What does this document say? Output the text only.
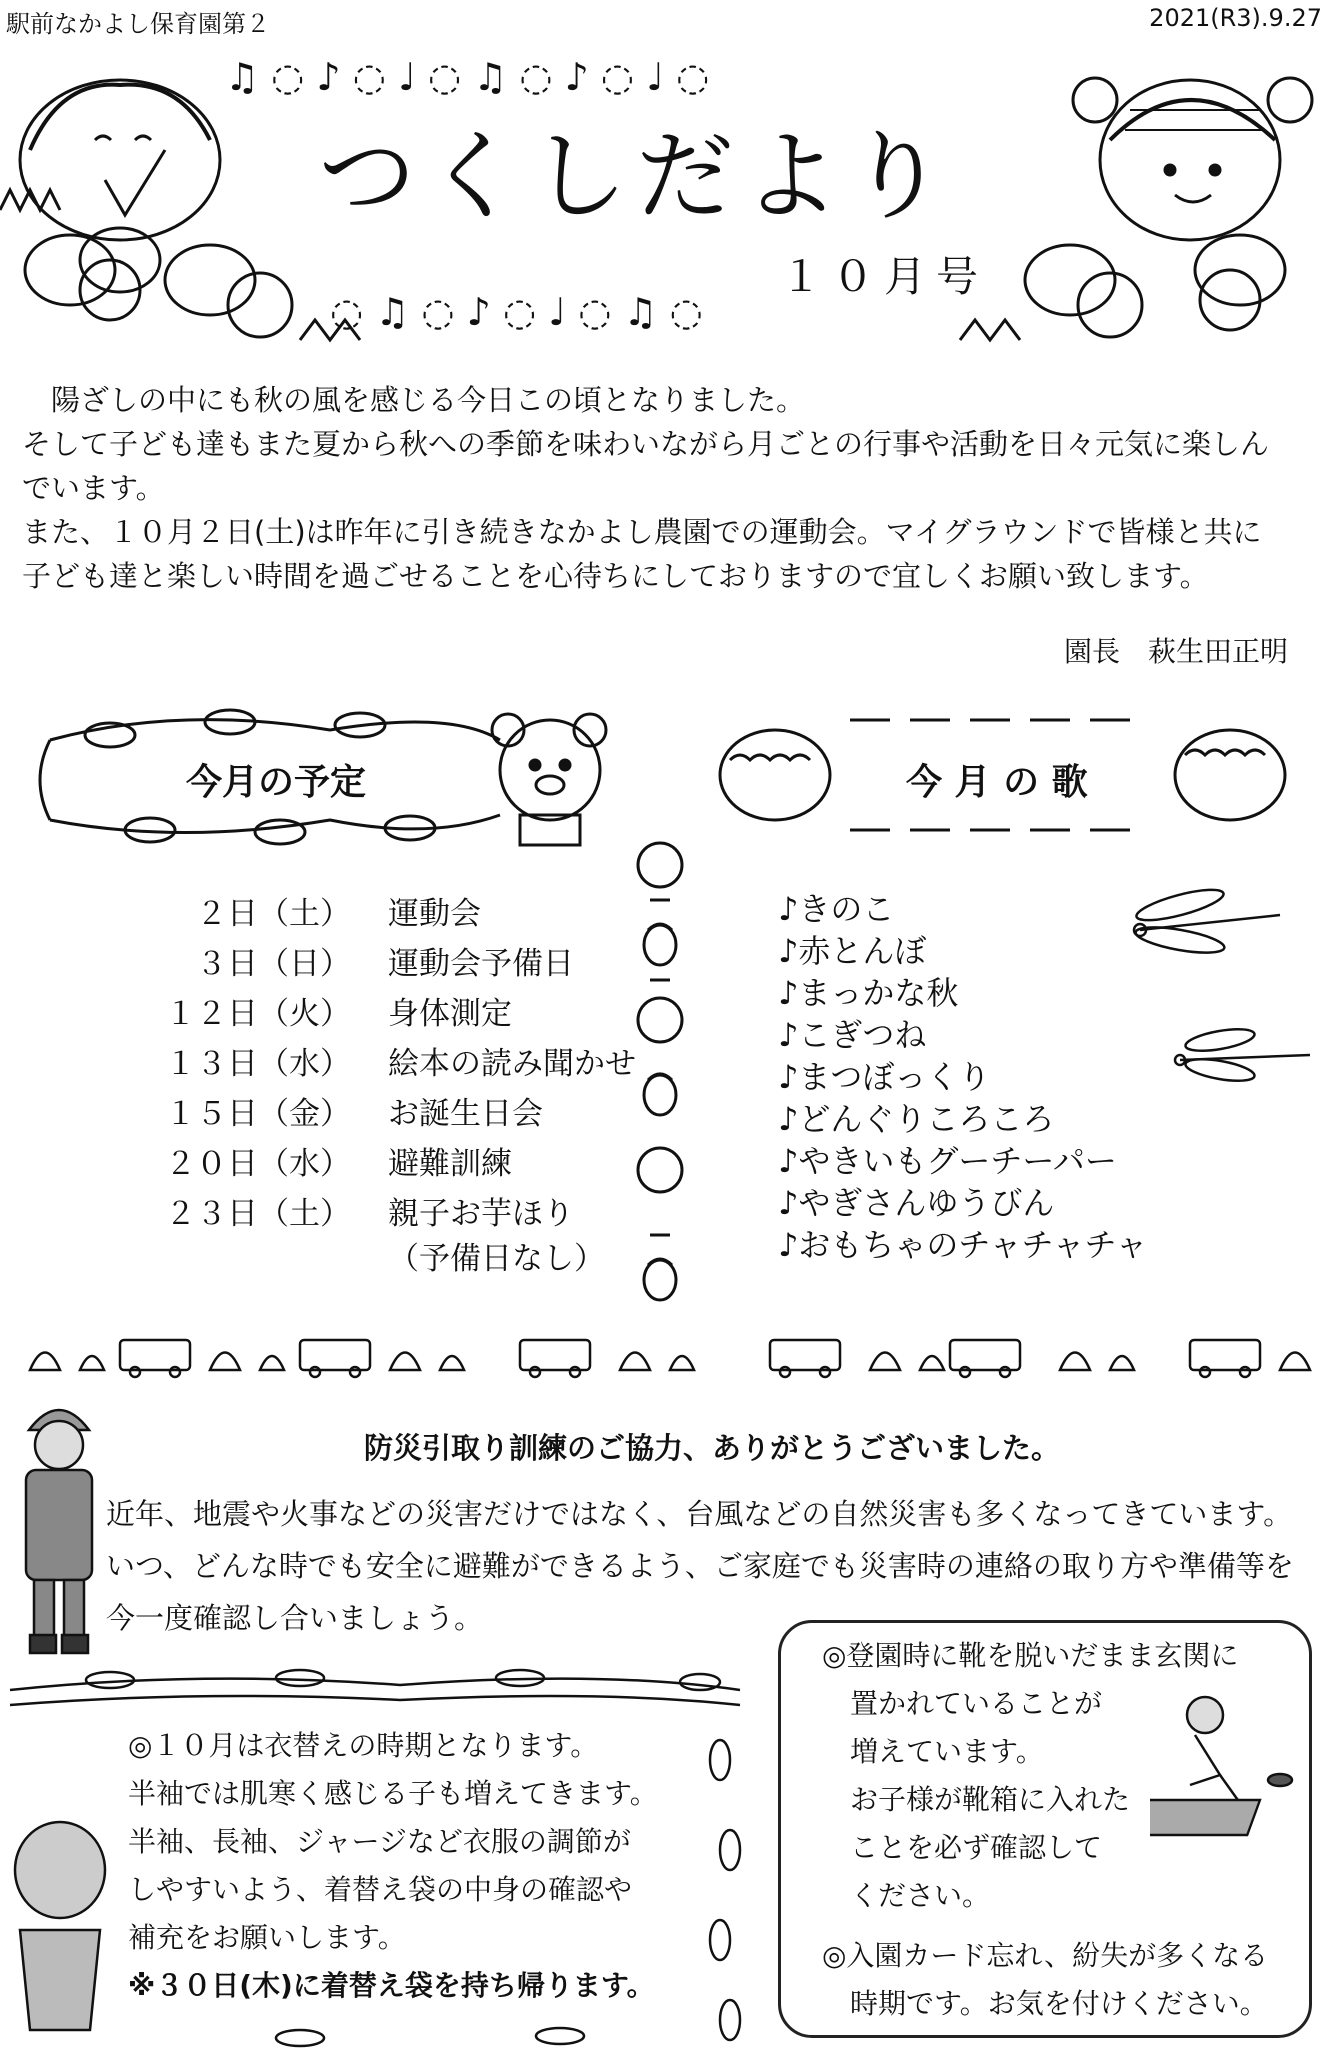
駅前なかよし保育園第２	2021(R3).9.27
♫ ◌ ♪ ◌ ♩ ◌ ♫ ◌ ♪ ◌ ♩ ◌
◌ ♫ ◌ ♪ ◌ ♩ ◌ ♫ ◌
つくしだより
１０月号

　陽ざしの中にも秋の風を感じる今日この頃となりました。

そして子ども達もまた夏から秋への季節を味わいながら月ごとの行事や活動を日々元気に楽しん

でいます。

また、１０月２日(土)は昨年に引き続きなかよし農園での運動会。マイグラウンドで皆様と共に

子ども達と楽しい時間を過ごせることを心待ちにしておりますので宜しくお願い致します。

園長　萩生田正明
今月の予定	今 月 の 歌
２日 （土）	運動会
３日 （日）	運動会予備日
１２日 （火）	身体測定
１３日 （水）	絵本の読み聞かせ
１５日 （金）	お誕生日会
２０日 （水）	避難訓練
２３日 （土）	親子お芋ほり
（予備日なし）
♪きのこ
♪赤とんぼ
♪まっかな秋
♪こぎつね
♪まつぼっくり
♪どんぐりころころ
♪やきいもグーチーパー
♪やぎさんゆうびん
♪おもちゃのチャチャチャ
防災引取り訓練のご協力、ありがとうございました。

近年、地震や火事などの災害だけではなく、台風などの自然災害も多くなってきています。

いつ、どんな時でも安全に避難ができるよう、ご家庭でも災害時の連絡の取り方や準備等を

今一度確認し合いましょう。

◎１０月は衣替えの時期となります。

半袖では肌寒く感じる子も増えてきます。

半袖、長袖、ジャージなど衣服の調節が

しやすいよう、着替え袋の中身の確認や

補充をお願いします。

※３０日(木)に着替え袋を持ち帰ります。

◎登園時に靴を脱いだまま玄関に

　置かれていることが

　増えています。

　お子様が靴箱に入れた

　ことを必ず確認して

　ください。

◎入園カード忘れ、紛失が多くなる

　時期です。お気を付けください。
